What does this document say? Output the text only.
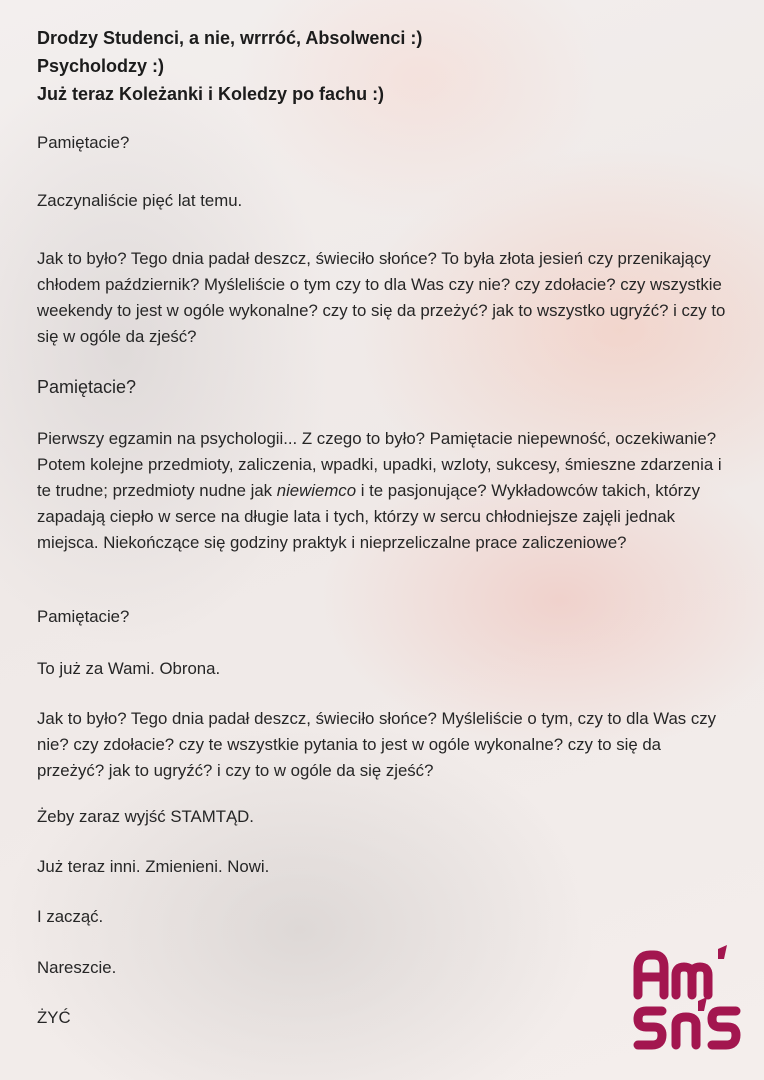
Drodzy Studenci, a nie, wrrróć, Absolwenci :)
Psycholodzy :)
Już teraz Koleżanki i Koledzy po fachu :)

Pamiętacie?

Zaczynaliście pięć lat temu.

Jak to było? Tego dnia padał deszcz, świeciło słońce? To była złota jesień czy przenikający chłodem październik? Myśleliście o tym czy to dla Was czy nie? czy zdołacie? czy wszystkie weekendy to jest w ogóle wykonalne? czy to się da przeżyć? jak to wszystko ugryźć? i czy to się w ogóle da zjeść?

Pamiętacie?

Pierwszy egzamin na psychologii... Z czego to było? Pamiętacie niepewność, oczekiwanie? Potem kolejne przedmioty, zaliczenia, wpadki, upadki, wzloty, sukcesy, śmieszne zdarzenia i te trudne; przedmioty nudne jak niewiemco i te pasjonujące? Wykładowców takich, którzy zapadają ciepło w serce na długie lata i tych, którzy w sercu chłodniejsze zajęli jednak miejsca. Niekończące się godziny praktyk i nieprzeliczalne prace zaliczeniowe?

Pamiętacie?

To już za Wami. Obrona.

Jak to było? Tego dnia padał deszcz, świeciło słońce? Myśleliście o tym, czy to dla Was czy nie? czy zdołacie? czy te wszystkie pytania to jest w ogóle wykonalne? czy to się da przeżyć? jak to ugryźć? i czy to w ogóle da się zjeść?

Żeby zaraz wyjść STAMTĄD.

Już teraz inni. Zmienieni. Nowi.

I zacząć.

Nareszcie.

ŻYĆ
